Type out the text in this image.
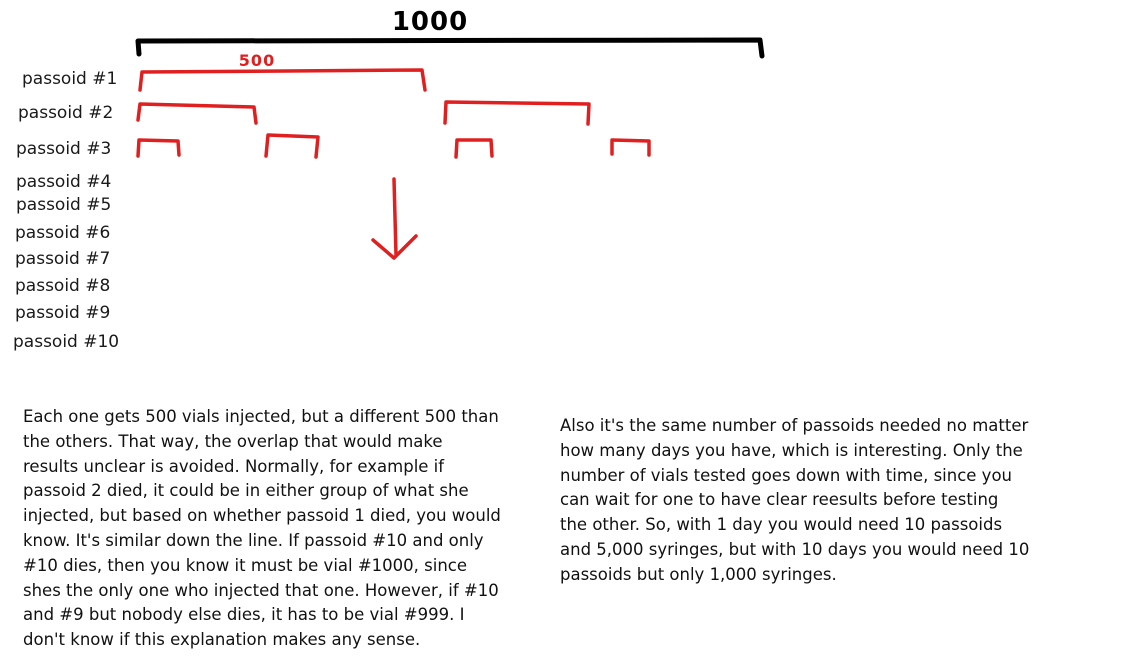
1000
500
passoid #1
passoid #2
passoid #3
passoid #4
passoid #5
passoid #6
passoid #7
passoid #8
passoid #9
passoid #10

Each one gets 500 vials injected, but a different 500 than the others. That way, the overlap that would make results unclear is avoided. Normally, for example if passoid 2 died, it could be in either group of what she injected, but based on whether passoid 1 died, you would know. It's similar down the line. If passoid #10 and only #10 dies, then you know it must be vial #1000, since shes the only one who injected that one. However, if #10 and #9 but nobody else dies, it has to be vial #999. I don't know if this explanation makes any sense.

Also it's the same number of passoids needed no matter how many days you have, which is interesting. Only the number of vials tested goes down with time, since you can wait for one to have clear reesults before testing the other. So, with 1 day you would need 10 passoids and 5,000 syringes, but with 10 days you would need 10 passoids but only 1,000 syringes.
